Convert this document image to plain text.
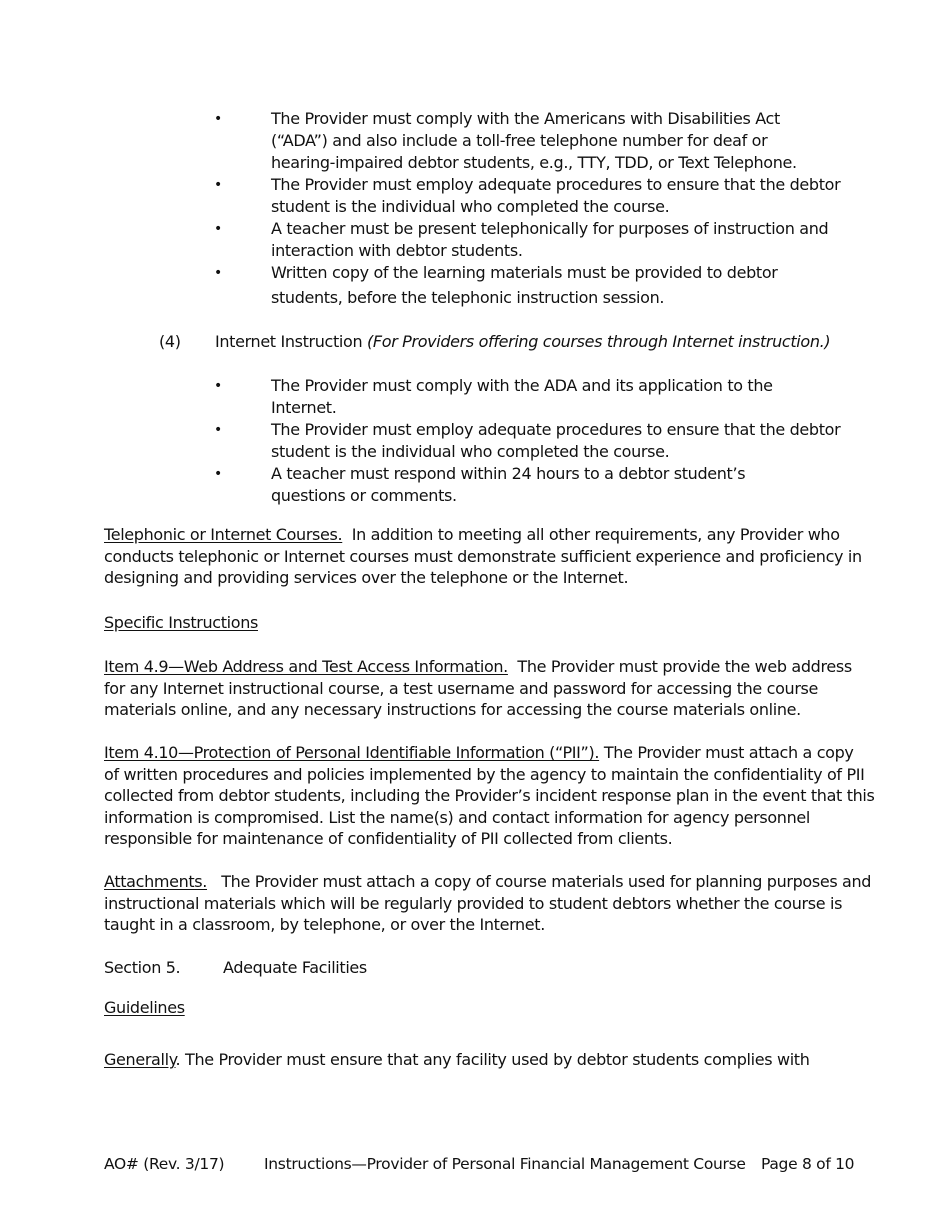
•	The Provider must comply with the Americans with Disabilities Act
(“ADA”) and also include a toll-free telephone number for deaf or
hearing-impaired debtor students, e.g., TTY, TDD, or Text Telephone.
•	The Provider must employ adequate procedures to ensure that the debtor
student is the individual who completed the course.
•	A teacher must be present telephonically for purposes of instruction and
interaction with debtor students.
•	Written copy of the learning materials must be provided to debtor
students, before the telephonic instruction session.
(4) Internet Instruction (For Providers offering courses through Internet instruction.)
•	The Provider must comply with the ADA and its application to the
Internet.
•	The Provider must employ adequate procedures to ensure that the debtor
student is the individual who completed the course.
•	A teacher must respond within 24 hours to a debtor student’s
questions or comments.
Telephonic or Internet Courses. In addition to meeting all other requirements, any Provider who
conducts telephonic or Internet courses must demonstrate sufficient experience and proficiency in
designing and providing services over the telephone or the Internet.
Specific Instructions
Item 4.9—Web Address and Test Access Information. The Provider must provide the web address
for any Internet instructional course, a test username and password for accessing the course
materials online, and any necessary instructions for accessing the course materials online.
Item 4.10—Protection of Personal Identifiable Information (“PII”). The Provider must attach a copy
of written procedures and policies implemented by the agency to maintain the confidentiality of PII
collected from debtor students, including the Provider’s incident response plan in the event that this
information is compromised. List the name(s) and contact information for agency personnel
responsible for maintenance of confidentiality of PII collected from clients.
Attachments. The Provider must attach a copy of course materials used for planning purposes and
instructional materials which will be regularly provided to student debtors whether the course is
taught in a classroom, by telephone, or over the Internet.
Section 5.	Adequate Facilities
Guidelines
Generally. The Provider must ensure that any facility used by debtor students complies with
AO# (Rev. 3/17)	Instructions—Provider of Personal Financial Management Course Page 8 of 10
